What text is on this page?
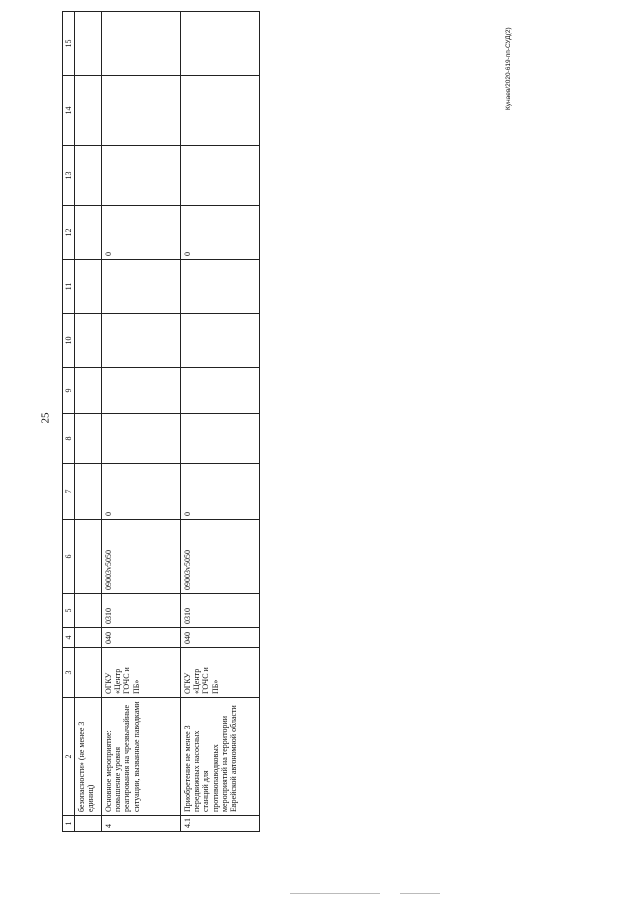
25
Кунаев/2020-619-пп-СУД(2)
1	2	3	4	5	6	7	8	9	10	11	12	13	14	15
	безопасности» (не менее 3 единиц)													
4	Основное мероприятие: повышение уровня реагирования на чрезвычайные ситуации, вызванные паводками	ОГКУ «Центр ГОЧС и ПБ»	040	0310	09003v5050	0					0			
4.1	Приобретение не менее 3 передвижных насосных станций для противопаводковых мероприятий на территории Еврейской автономной области	ОГКУ «Центр ГОЧС и ПБ»	040	0310	09003v5050	0					0			
